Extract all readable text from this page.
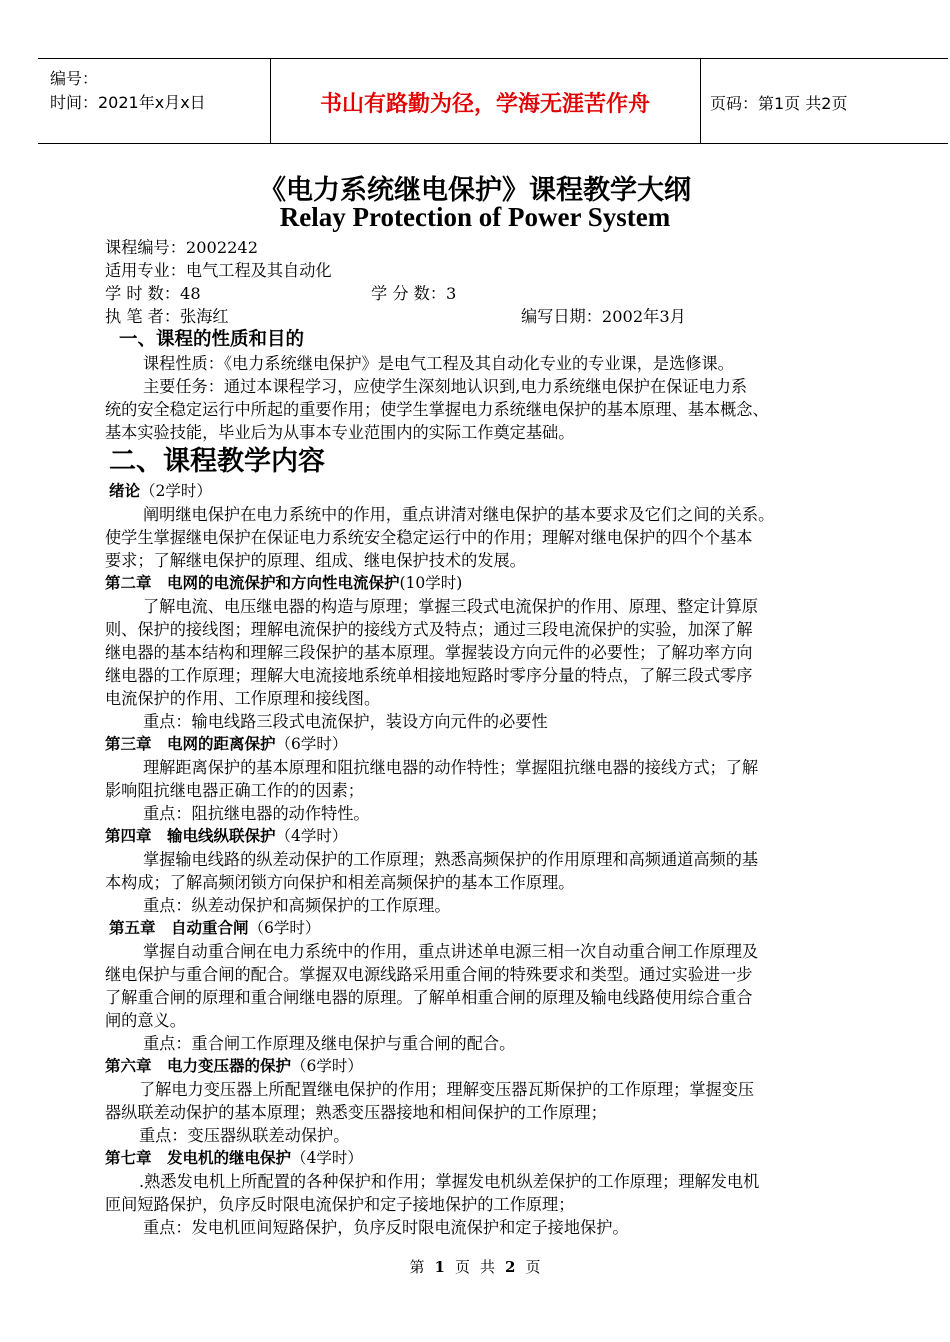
编号：
时间：2021年x月x日	书山有路勤为径，学海无涯苦作舟	页码：第1页 共2页
《电力系统继电保护》课程教学大纲
Relay Protection of Power System
课程编号：2002242
适用专业：电气工程及其自动化
学 时 数：48	学 分 数：3
执 笔 者：张海红	编写日期：2002年3月
一、课程的性质和目的
课程性质：《电力系统继电保护》是电气工程及其自动化专业的专业课，是选修课。
主要任务：通过本课程学习，应使学生深刻地认识到,电力系统继电保护在保证电力系
统的安全稳定运行中所起的重要作用；使学生掌握电力系统继电保护的基本原理、基本概念、
基本实验技能，毕业后为从事本专业范围内的实际工作奠定基础。
二、课程教学内容
绪论（2学时）
阐明继电保护在电力系统中的作用，重点讲清对继电保护的基本要求及它们之间的关系。
使学生掌握继电保护在保证电力系统安全稳定运行中的作用；理解对继电保护的四个个基本
要求；了解继电保护的原理、组成、继电保护技术的发展。
第二章　电网的电流保护和方向性电流保护(10学时)
了解电流、电压继电器的构造与原理；掌握三段式电流保护的作用、原理、整定计算原
则、保护的接线图；理解电流保护的接线方式及特点；通过三段电流保护的实验，加深了解
继电器的基本结构和理解三段保护的基本原理。掌握装设方向元件的必要性；了解功率方向
继电器的工作原理；理解大电流接地系统单相接地短路时零序分量的特点，了解三段式零序
电流保护的作用、工作原理和接线图。
重点：输电线路三段式电流保护，装设方向元件的必要性
第三章　电网的距离保护（6学时）
理解距离保护的基本原理和阻抗继电器的动作特性；掌握阻抗继电器的接线方式；了解
影响阻抗继电器正确工作的的因素；
重点：阻抗继电器的动作特性。
第四章　输电线纵联保护（4学时）
掌握输电线路的纵差动保护的工作原理；熟悉高频保护的作用原理和高频通道高频的基
本构成；了解高频闭锁方向保护和相差高频保护的基本工作原理。
重点：纵差动保护和高频保护的工作原理。
第五章　自动重合闸（6学时）
掌握自动重合闸在电力系统中的作用，重点讲述单电源三相一次自动重合闸工作原理及
继电保护与重合闸的配合。掌握双电源线路采用重合闸的特殊要求和类型。通过实验进一步
了解重合闸的原理和重合闸继电器的原理。了解单相重合闸的原理及输电线路使用综合重合
闸的意义。
重点：重合闸工作原理及继电保护与重合闸的配合。
第六章　电力变压器的保护（6学时）
了解电力变压器上所配置继电保护的作用；理解变压器瓦斯保护的工作原理；掌握变压
器纵联差动保护的基本原理；熟悉变压器接地和相间保护的工作原理；
重点：变压器纵联差动保护。
第七章　发电机的继电保护（4学时）
.熟悉发电机上所配置的各种保护和作用；掌握发电机纵差保护的工作原理；理解发电机
匝间短路保护，负序反时限电流保护和定子接地保护的工作原理；
重点：发电机匝间短路保护，负序反时限电流保护和定子接地保护。
第 1 页 共 2 页
